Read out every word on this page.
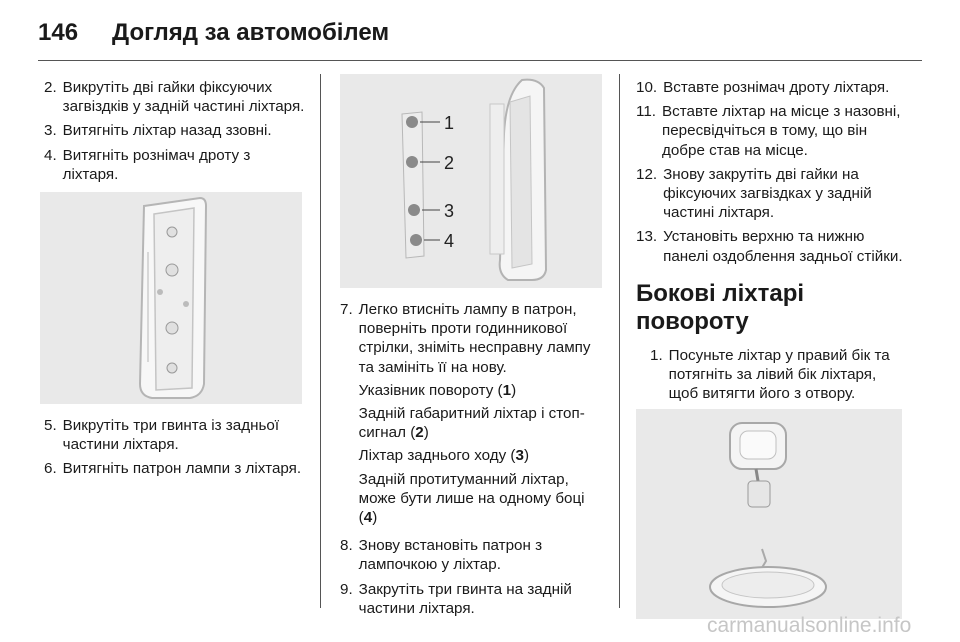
146 Догляд за автомобілем
2. Викрутіть дві гайки фіксуючих загвіздків у задній частині ліхтаря.
3. Витягніть ліхтар назад ззовні.
4. Витягніть рознімач дроту з ліхтаря.
5. Викрутіть три гвинта із задньої частини ліхтаря.
6. Витягніть патрон лампи з ліхтаря.
1
2
3
4
7. Легко втисніть лампу в патрон, поверніть проти годинникової стрілки, зніміть несправну лампу та замініть її на нову.
Указівник повороту (1)
Задній габаритний ліхтар і стоп-сигнал (2)
Ліхтар заднього ходу (3)
Задній протитуманний ліхтар, може бути лише на одному боці (4)
8. Знову встановіть патрон з лампочкою у ліхтар.
9. Закрутіть три гвинта на задній частини ліхтаря.
10. Вставте рознімач дроту ліхтаря.
11. Вставте ліхтар на місце з назовні, пересвідчіться в тому, що він добре став на місце.
12. Знову закрутіть дві гайки на фіксуючих загвіздках у задній частині ліхтаря.
13. Установіть верхню та нижню панелі оздоблення задньої стійки.
Бокові ліхтарі повороту
1. Посуньте ліхтар у правий бік та потягніть за лівий бік ліхтаря, щоб витягти його з отвору.
carmanualsonline.info
